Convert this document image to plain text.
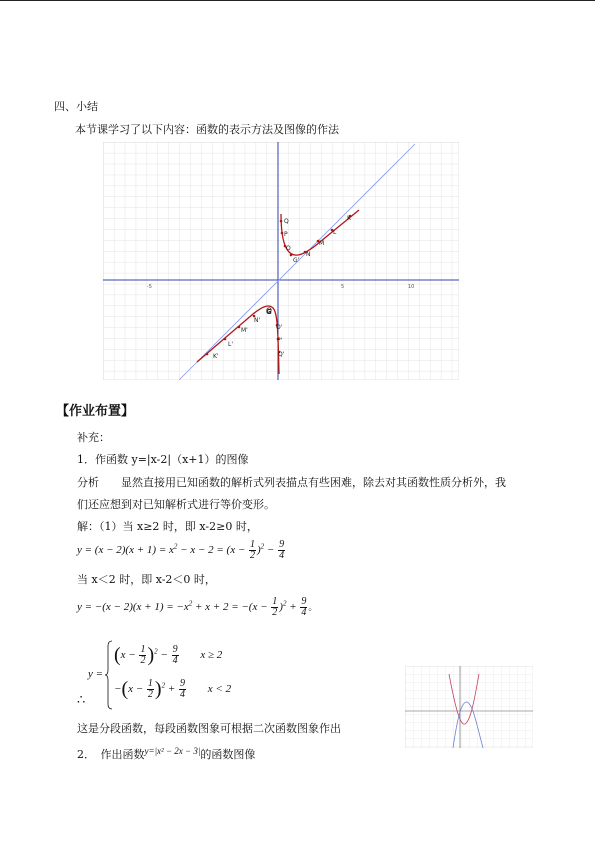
四、小结
本节课学习了以下内容：函数的表示方法及图像的作法
-5	5	10
K
L
M
N
G'
O
P
Q
K'
L'
M'
N'
G
O'
P'
Q'
【作业布置】
补充：
1．作函数 y=|x-2|（x+1）的图像
分析　　显然直接用已知函数的解析式列表描点有些困难，除去对其函数性质分析外，我
们还应想到对已知解析式进行等价变形。
解：（1）当 x≥2 时，即 x-2≥0 时，
$y = (x - 2)(x + 1) = x^2 - x - 2 = (x - \frac{1}{2} )^2 - \frac{9}{4}$
当 x＜2 时，即 x-2＜0 时，
$y = -(x - 2)(x + 1) = -x^2 + x + 2 = -(x - \frac{1}{2} )^2 + \frac{9}{4}$ 。
y =
$(x - \frac{1}{2} )^2 - \frac{9}{4}$ x ≥ 2
$-(x - \frac{1}{2} )^2 + \frac{9}{4}$ x < 2
∴
这是分段函数，每段函数图象可根据二次函数图象作出
2．　作出函数$^{y=|x^2 - 2x - 3|}$的函数图像
